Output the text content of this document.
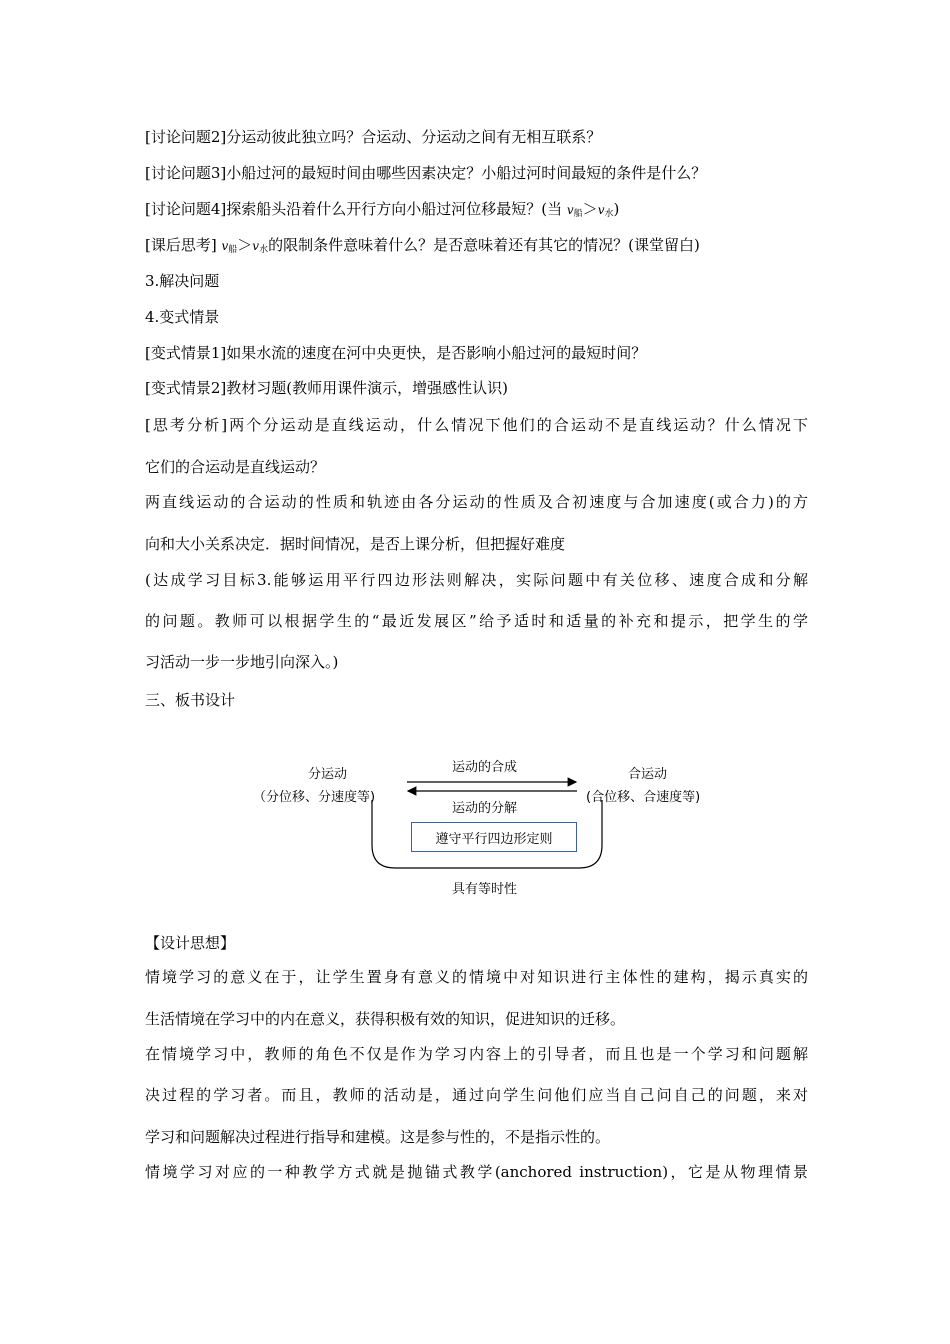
[讨论问题2]分运动彼此独立吗？合运动、分运动之间有无相互联系？
[讨论问题3]小船过河的最短时间由哪些因素决定？小船过河时间最短的条件是什么？
[讨论问题4]探索船头沿着什么开行方向小船过河位移最短？(当 $v_船>v_水$)
[课后思考] $v_船>v_水$的限制条件意味着什么？是否意味着还有其它的情况？(课堂留白)
3.解决问题
4.变式情景
[变式情景1]如果水流的速度在河中央更快，是否影响小船过河的最短时间？
[变式情景2]教材习题(教师用课件演示，增强感性认识)
[思考分析]两个分运动是直线运动，什么情况下他们的合运动不是直线运动？什么情况下
它们的合运动是直线运动？
两直线运动的合运动的性质和轨迹由各分运动的性质及合初速度与合加速度(或合力)的方
向和大小关系决定．据时间情况，是否上课分析，但把握好难度
(达成学习目标3.能够运用平行四边形法则解决，实际问题中有关位移、速度合成和分解
的问题。教师可以根据学生的“最近发展区”给予适时和适量的补充和提示，把学生的学
习活动一步一步地引向深入。)
三、板书设计
分运动
（分位移、分速度等)
合运动
(合位移、合速度等)
运动的合成
运动的分解
遵守平行四边形定则
具有等时性
【设计思想】
情境学习的意义在于，让学生置身有意义的情境中对知识进行主体性的建构，揭示真实的
生活情境在学习中的内在意义，获得积极有效的知识，促进知识的迁移。
在情境学习中，教师的角色不仅是作为学习内容上的引导者，而且也是一个学习和问题解
决过程的学习者。而且，教师的活动是，通过向学生问他们应当自己问自己的问题，来对
学习和问题解决过程进行指导和建模。这是参与性的，不是指示性的。
情境学习对应的一种教学方式就是抛锚式教学(anchored instruction)，它是从物理情景
